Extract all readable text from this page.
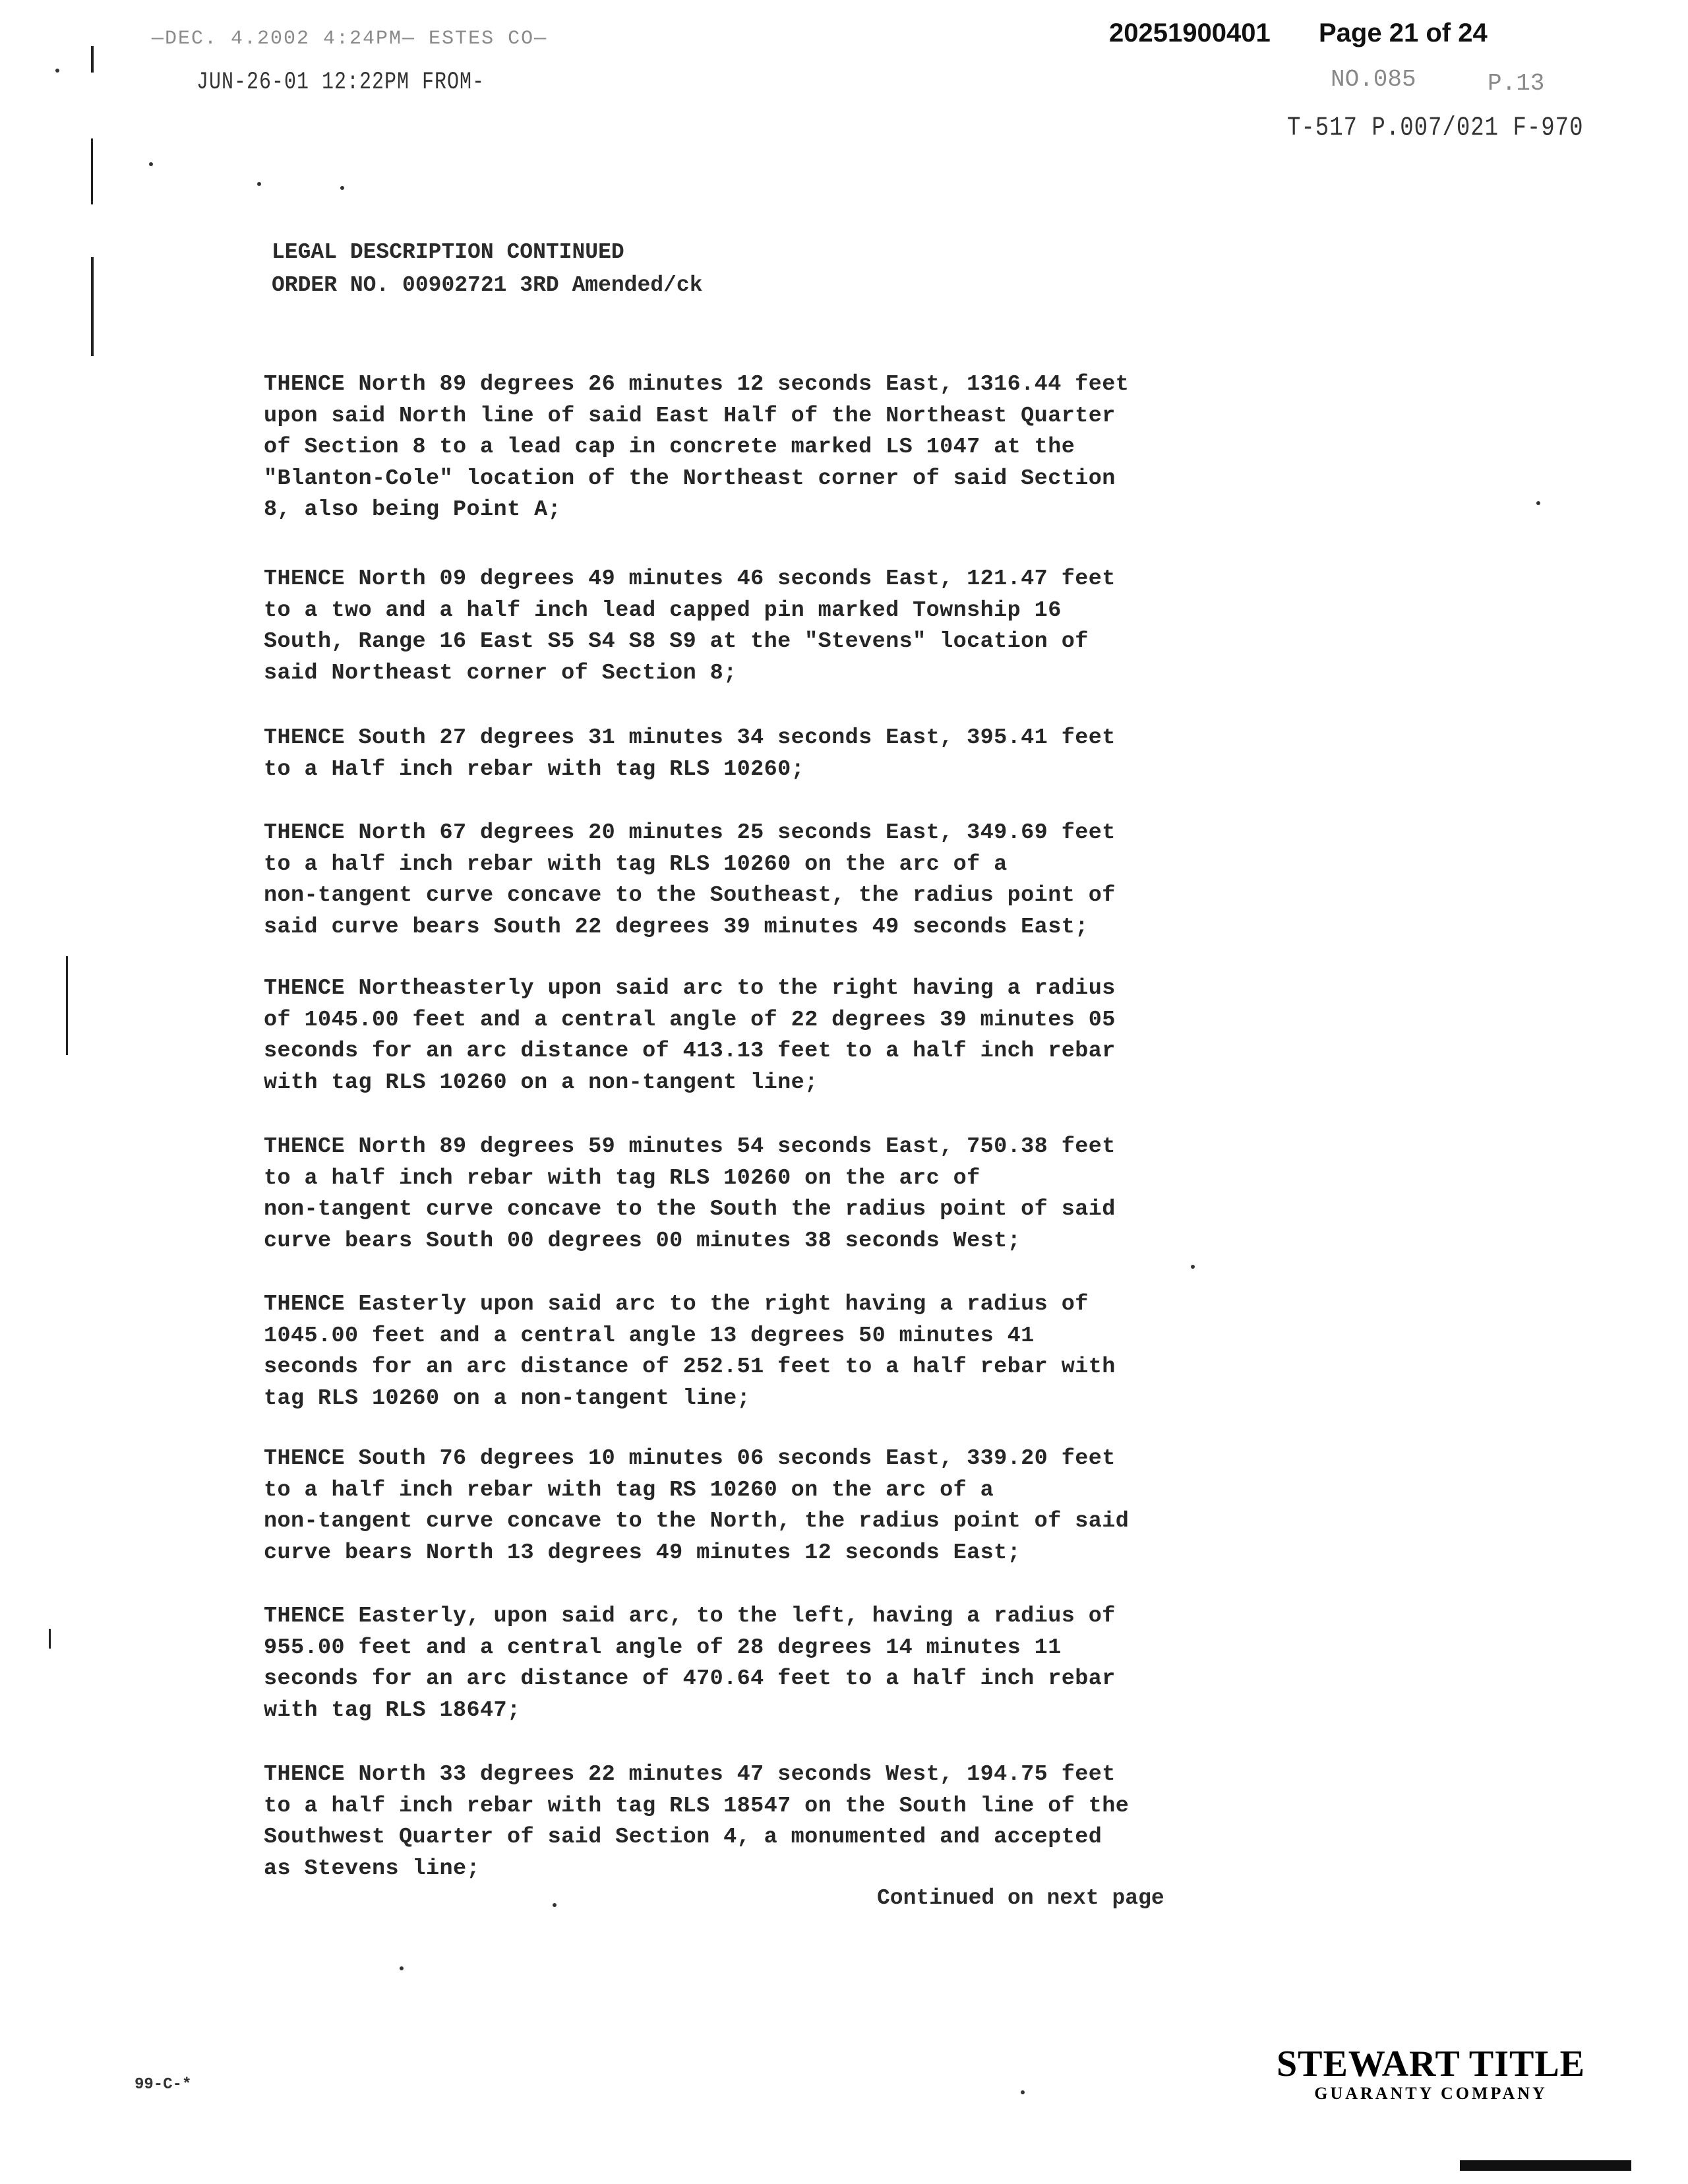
—DEC. 4.2002 4:24PM— ESTES CO—
JUN-26-01 12:22PM FROM-
20251900401 Page 21 of 24
NO.085	P.13
T-517 P.007/021 F-970
LEGAL DESCRIPTION CONTINUED
ORDER NO. 00902721 3RD Amended/ck
THENCE North 89 degrees 26 minutes 12 seconds East, 1316.44 feet
upon said North line of said East Half of the Northeast Quarter
of Section 8 to a lead cap in concrete marked LS 1047 at the
"Blanton-Cole" location of the Northeast corner of said Section
8, also being Point A;
THENCE North 09 degrees 49 minutes 46 seconds East, 121.47 feet
to a two and a half inch lead capped pin marked Township 16
South, Range 16 East S5 S4 S8 S9 at the "Stevens" location of
said Northeast corner of Section 8;
THENCE South 27 degrees 31 minutes 34 seconds East, 395.41 feet
to a Half inch rebar with tag RLS 10260;
THENCE North 67 degrees 20 minutes 25 seconds East, 349.69 feet
to a half inch rebar with tag RLS 10260 on the arc of a
non-tangent curve concave to the Southeast, the radius point of
said curve bears South 22 degrees 39 minutes 49 seconds East;
THENCE Northeasterly upon said arc to the right having a radius
of 1045.00 feet and a central angle of 22 degrees 39 minutes 05
seconds for an arc distance of 413.13 feet to a half inch rebar
with tag RLS 10260 on a non-tangent line;
THENCE North 89 degrees 59 minutes 54 seconds East, 750.38 feet
to a half inch rebar with tag RLS 10260 on the arc of
non-tangent curve concave to the South the radius point of said
curve bears South 00 degrees 00 minutes 38 seconds West;
THENCE Easterly upon said arc to the right having a radius of
1045.00 feet and a central angle 13 degrees 50 minutes 41
seconds for an arc distance of 252.51 feet to a half rebar with
tag RLS 10260 on a non-tangent line;
THENCE South 76 degrees 10 minutes 06 seconds East, 339.20 feet
to a half inch rebar with tag RS 10260 on the arc of a
non-tangent curve concave to the North, the radius point of said
curve bears North 13 degrees 49 minutes 12 seconds East;
THENCE Easterly, upon said arc, to the left, having a radius of
955.00 feet and a central angle of 28 degrees 14 minutes 11
seconds for an arc distance of 470.64 feet to a half inch rebar
with tag RLS 18647;
THENCE North 33 degrees 22 minutes 47 seconds West, 194.75 feet
to a half inch rebar with tag RLS 18547 on the South line of the
Southwest Quarter of said Section 4, a monumented and accepted
as Stevens line;
Continued on next page
99-C-*
STEWART TITLE
GUARANTY COMPANY
